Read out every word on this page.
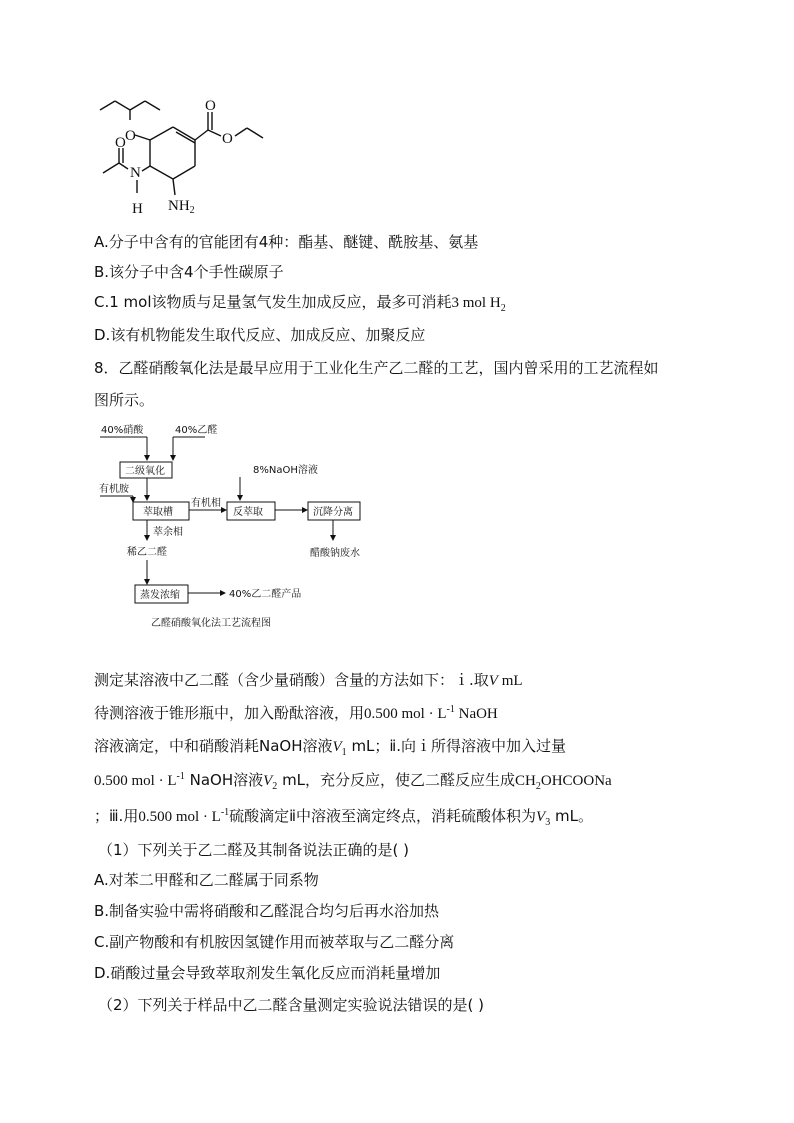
O
O
O
O
N
H $NH_2$
A.分子中含有的官能团有4种：酯基、醚键、酰胺基、氨基
B.该分子中含4个手性碳原子
C.1 mol该物质与足量氢气发生加成反应，最多可消耗3 mol $H_2$
D.该有机物能发生取代反应、加成反应、加聚反应
8．乙醛硝酸氧化法是最早应用于工业化生产乙二醛的工艺，国内曾采用的工艺流程如
图所示。
40%硝酸	40%乙醛
二级氧化
有机胺
萃取槽
有机相
8%NaOH溶液
反萃取	沉降分离
萃余相
稀乙二醛	醋酸钠废水
蒸发浓缩	40%乙二醛产品
乙醛硝酸氧化法工艺流程图
测定某溶液中乙二醛（含少量硝酸）含量的方法如下：ｉ.取V mL
待测溶液于锥形瓶中，加入酚酞溶液，用0.500 mol · $L^{-1}$ NaOH
溶液滴定，中和硝酸消耗NaOH溶液$V_1$ mL；ⅱ.向ｉ所得溶液中加入过量
0.500 mol · $L^{-1}$ NaOH溶液$V_2$ mL，充分反应，使乙二醛反应生成$CH_2OHCOONa$
；ⅲ.用0.500 mol · $L^{-1}$硫酸滴定ⅱ中溶液至滴定终点，消耗硫酸体积为$V_3$ mL。
（1）下列关于乙二醛及其制备说法正确的是( )
A.对苯二甲醛和乙二醛属于同系物
B.制备实验中需将硝酸和乙醛混合均匀后再水浴加热
C.副产物酸和有机胺因氢键作用而被萃取与乙二醛分离
D.硝酸过量会导致萃取剂发生氧化反应而消耗量增加
（2）下列关于样品中乙二醛含量测定实验说法错误的是( )
